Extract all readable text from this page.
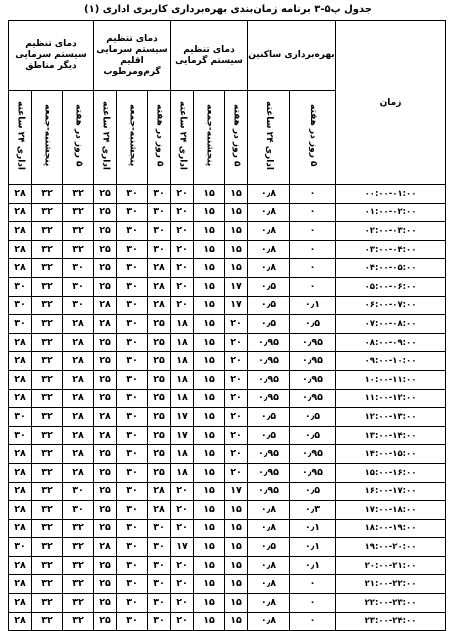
جدول پ۵-۳ برنامه زمان‌بندی بهره‌برداری کاربری اداری (۱)
دمای تنظیم سیستم سرمایی دیگر مناطق			دمای تنظیم سیستم سرمایی اقلیم گرم‌ومرطوب			دمای تنظیم سیستم گرمایی			بهره‌برداری ساکنین		زمان
اداری ۲۴ ساعته	پنجشنبه-جمعه	۵ روز در هفته	اداری ۲۴ ساعته	پنجشنبه-جمعه	۵ روز در هفته	اداری ۲۴ ساعته	پنجشنبه-جمعه	۵ روز در هفته	اداری ۲۴ ساعته	۵ روز در هفته	
۲۸	۳۲	۳۲	۲۵	۳۰	۳۰	۲۰	۱۵	۱۵	۰٫۸	۰	۰۰:۰۰-۰۱:۰۰
۲۸	۳۲	۳۲	۲۵	۳۰	۳۰	۲۰	۱۵	۱۵	۰٫۸	۰	۰۱:۰۰-۰۲:۰۰
۲۸	۳۲	۳۲	۲۵	۳۰	۳۰	۲۰	۱۵	۱۵	۰٫۸	۰	۰۲:۰۰-۰۳:۰۰
۲۸	۳۲	۳۲	۲۵	۳۰	۳۰	۲۰	۱۵	۱۵	۰٫۸	۰	۰۳:۰۰-۰۴:۰۰
۲۸	۳۲	۳۰	۲۵	۳۰	۲۸	۲۰	۱۵	۱۵	۰٫۸	۰	۰۴:۰۰-۰۵:۰۰
۳۰	۳۲	۳۰	۲۵	۳۰	۲۸	۲۰	۱۵	۱۷	۰٫۵	۰	۰۵:۰۰-۰۶:۰۰
۳۰	۳۲	۳۰	۲۸	۳۰	۲۸	۲۰	۱۵	۱۷	۰٫۵	۰٫۱	۰۶:۰۰-۰۷:۰۰
۳۰	۳۲	۲۸	۲۸	۳۰	۲۵	۱۸	۱۵	۲۰	۰٫۵	۰٫۵	۰۷:۰۰-۰۸:۰۰
۲۸	۳۲	۲۸	۲۵	۳۰	۲۵	۱۸	۱۵	۲۰	۰٫۹۵	۰٫۹۵	۰۸:۰۰-۰۹:۰۰
۲۸	۳۲	۲۸	۲۵	۳۰	۲۵	۱۸	۱۵	۲۰	۰٫۹۵	۰٫۹۵	۰۹:۰۰-۱۰:۰۰
۲۸	۳۲	۲۸	۲۵	۳۰	۲۵	۱۸	۱۵	۲۰	۰٫۹۵	۰٫۹۵	۱۰:۰۰-۱۱:۰۰
۲۸	۳۲	۲۸	۲۵	۳۰	۲۵	۱۸	۱۵	۲۰	۰٫۹۵	۰٫۹۵	۱۱:۰۰-۱۲:۰۰
۳۰	۳۲	۲۸	۲۸	۳۰	۲۵	۱۷	۱۵	۲۰	۰٫۵	۰٫۵	۱۲:۰۰-۱۳:۰۰
۳۰	۳۲	۲۸	۲۸	۳۰	۲۵	۱۷	۱۵	۲۰	۰٫۵	۰٫۵	۱۳:۰۰-۱۴:۰۰
۲۸	۳۲	۲۸	۲۵	۳۰	۲۵	۱۸	۱۵	۲۰	۰٫۹۵	۰٫۹۵	۱۴:۰۰-۱۵:۰۰
۲۸	۳۲	۲۸	۲۵	۳۰	۲۵	۱۸	۱۵	۲۰	۰٫۹۵	۰٫۹۵	۱۵:۰۰-۱۶:۰۰
۲۸	۳۲	۳۰	۲۵	۳۰	۲۸	۲۰	۱۵	۱۷	۰٫۹۵	۰٫۵	۱۶:۰۰-۱۷:۰۰
۲۸	۳۲	۳۰	۲۵	۳۰	۲۸	۲۰	۱۵	۱۵	۰٫۸	۰٫۳	۱۷:۰۰-۱۸:۰۰
۲۸	۳۲	۳۲	۲۵	۳۰	۳۰	۲۰	۱۵	۱۵	۰٫۸	۰٫۱	۱۸:۰۰-۱۹:۰۰
۳۰	۳۲	۳۲	۲۸	۳۰	۳۰	۱۷	۱۵	۱۵	۰٫۵	۰٫۱	۱۹:۰۰-۲۰:۰۰
۲۸	۳۲	۳۲	۲۵	۳۰	۳۰	۲۰	۱۵	۱۵	۰٫۸	۰٫۱	۲۰:۰۰-۲۱:۰۰
۲۸	۳۲	۳۲	۲۵	۳۰	۳۰	۲۰	۱۵	۱۵	۰٫۸	۰	۲۱:۰۰-۲۲:۰۰
۲۸	۳۲	۳۲	۲۵	۳۰	۳۰	۲۰	۱۵	۱۵	۰٫۸	۰	۲۲:۰۰-۲۳:۰۰
۲۸	۳۲	۳۲	۲۵	۳۰	۳۰	۲۰	۱۵	۱۵	۰٫۸	۰	۲۳:۰۰-۲۴:۰۰
